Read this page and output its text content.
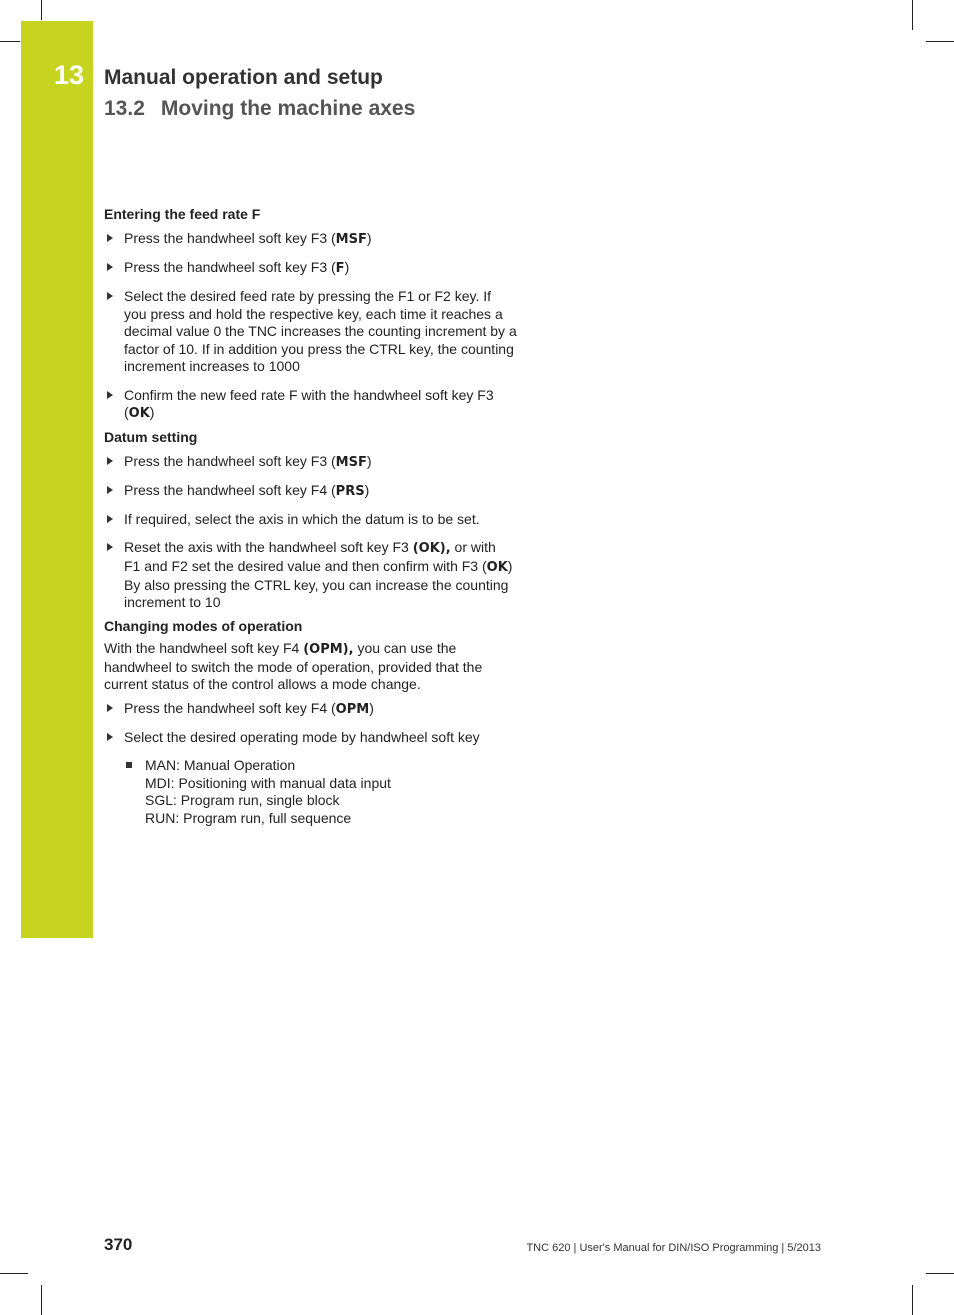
13 Manual operation and setup
13.2 Moving the machine axes
Entering the feed rate F
Press the handwheel soft key F3 (MSF)
Press the handwheel soft key F3 (F)
Select the desired feed rate by pressing the F1 or F2 key. If
you press and hold the respective key, each time it reaches a
decimal value 0 the TNC increases the counting increment by a
factor of 10. If in addition you press the CTRL key, the counting
increment increases to 1000
Confirm the new feed rate F with the handwheel soft key F3
(OK)
Datum setting
Press the handwheel soft key F3 (MSF)
Press the handwheel soft key F4 (PRS)
If required, select the axis in which the datum is to be set.
Reset the axis with the handwheel soft key F3 (OK), or with
F1 and F2 set the desired value and then confirm with F3 (OK)
By also pressing the CTRL key, you can increase the counting
increment to 10
Changing modes of operation

With the handwheel soft key F4 (OPM), you can use the
handwheel to switch the mode of operation, provided that the
current status of the control allows a mode change.

Press the handwheel soft key F4 (OPM)
Select the desired operating mode by handwheel soft key
MAN: Manual Operation
MDI: Positioning with manual data input
SGL: Program run, single block
RUN: Program run, full sequence
370	TNC 620 | User's Manual for DIN/ISO Programming | 5/2013
